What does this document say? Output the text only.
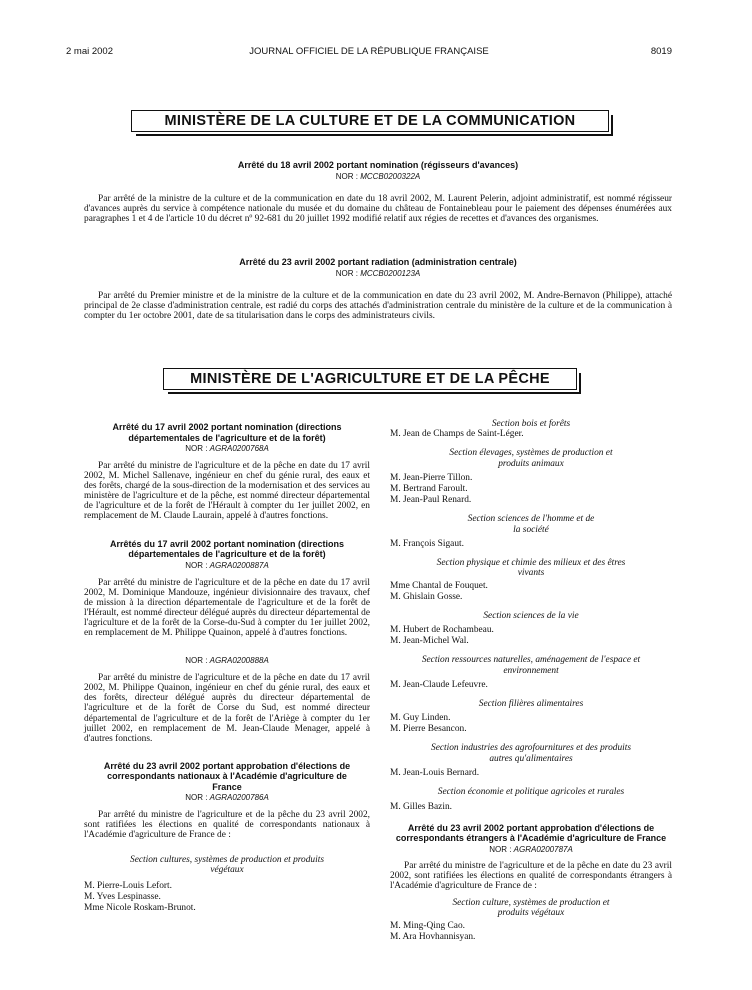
2 mai 2002	JOURNAL OFFICIEL DE LA RÉPUBLIQUE FRANÇAISE	8019
MINISTÈRE DE LA CULTURE ET DE LA COMMUNICATION
Arrêté du 18 avril 2002 portant nomination (régisseurs d'avances)
NOR : MCCB0200322A

Par arrêté de la ministre de la culture et de la communication en date du 18 avril 2002, M. Laurent Pelerin, adjoint administratif, est nommé régisseur d'avances auprès du service à compétence nationale du musée et du domaine du château de Fontainebleau pour le paiement des dépenses énumérées aux paragraphes 1 et 4 de l'article 10 du décret nº 92-681 du 20 juillet 1992 modifié relatif aux régies de recettes et d'avances des organismes.

Arrêté du 23 avril 2002 portant radiation (administration centrale)
NOR : MCCB0200123A

Par arrêté du Premier ministre et de la ministre de la culture et de la communication en date du 23 avril 2002, M. Andre-Bernavon (Philippe), attaché principal de 2e classe d'administration centrale, est radié du corps des attachés d'administration centrale du ministère de la culture et de la communication à compter du 1er octobre 2001, date de sa titularisation dans le corps des administrateurs civils.

MINISTÈRE DE L'AGRICULTURE ET DE LA PÊCHE
Arrêté du 17 avril 2002 portant nomination (directions départementales de l'agriculture et de la forêt)
NOR : AGRA0200768A

Par arrêté du ministre de l'agriculture et de la pêche en date du 17 avril 2002, M. Michel Sallenave, ingénieur en chef du génie rural, des eaux et des forêts, chargé de la sous-direction de la modernisation et des services au ministère de l'agriculture et de la pêche, est nommé directeur départemental de l'agriculture et de la forêt de l'Hérault à compter du 1er juillet 2002, en remplacement de M. Claude Laurain, appelé à d'autres fonctions.

Arrêtés du 17 avril 2002 portant nomination (directions départementales de l'agriculture et de la forêt)
NOR : AGRA0200887A

Par arrêté du ministre de l'agriculture et de la pêche en date du 17 avril 2002, M. Dominique Mandouze, ingénieur divisionnaire des travaux, chef de mission à la direction départementale de l'agriculture et de la forêt de l'Hérault, est nommé directeur délégué auprès du directeur départemental de l'agriculture et de la forêt de la Corse-du-Sud à compter du 1er juillet 2002, en remplacement de M. Philippe Quainon, appelé à d'autres fonctions.

NOR : AGRA0200888A

Par arrêté du ministre de l'agriculture et de la pêche en date du 17 avril 2002, M. Philippe Quainon, ingénieur en chef du génie rural, des eaux et des forêts, directeur délégué auprès du directeur départemental de l'agriculture et de la forêt de Corse du Sud, est nommé directeur départemental de l'agriculture et de la forêt de l'Ariège à compter du 1er juillet 2002, en remplacement de M. Jean-Claude Menager, appelé à d'autres fonctions.

Arrêté du 23 avril 2002 portant approbation d'élections de correspondants nationaux à l'Académie d'agriculture de France
NOR : AGRA0200786A

Par arrêté du ministre de l'agriculture et de la pêche du 23 avril 2002, sont ratifiées les élections en qualité de correspondants nationaux à l'Académie d'agriculture de France de :

Section cultures, systèmes de production et produits végétaux
M. Pierre-Louis Lefort.
M. Yves Lespinasse.
Mme Nicole Roskam-Brunot.
Section bois et forêts
M. Jean de Champs de Saint-Léger.
Section élevages, systèmes de production et produits animaux
M. Jean-Pierre Tillon.
M. Bertrand Faroult.
M. Jean-Paul Renard.
Section sciences de l'homme et de la société
M. François Sigaut.
Section physique et chimie des milieux et des êtres vivants
Mme Chantal de Fouquet.
M. Ghislain Gosse.
Section sciences de la vie
M. Hubert de Rochambeau.
M. Jean-Michel Wal.
Section ressources naturelles, aménagement de l'espace et environnement
M. Jean-Claude Lefeuvre.
Section filières alimentaires
M. Guy Linden.
M. Pierre Besancon.
Section industries des agrofournitures et des produits autres qu'alimentaires
M. Jean-Louis Bernard.
Section économie et politique agricoles et rurales
M. Gilles Bazin.
Arrêté du 23 avril 2002 portant approbation d'élections de correspondants étrangers à l'Académie d'agriculture de France
NOR : AGRA0200787A

Par arrêté du ministre de l'agriculture et de la pêche en date du 23 avril 2002, sont ratifiées les élections en qualité de correspondants étrangers à l'Académie d'agriculture de France de :

Section culture, systèmes de production et produits végétaux
M. Ming-Qing Cao.
M. Ara Hovhannisyan.
